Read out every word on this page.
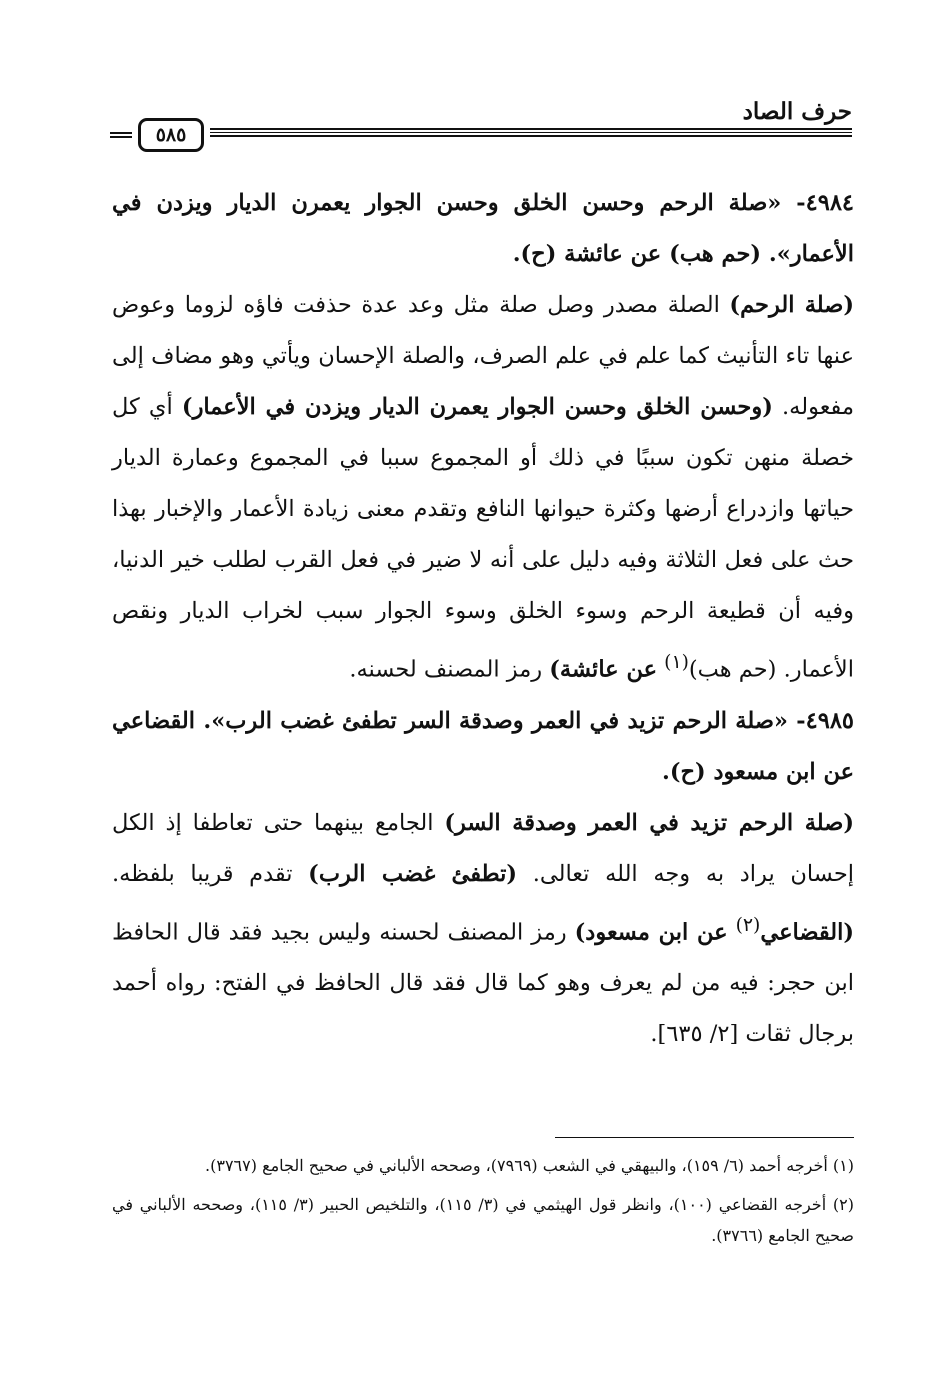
حرف الصاد
٥٨٥

٤٩٨٤- «صلة الرحم وحسن الخلق وحسن الجوار يعمرن الديار ويزدن في الأعمار». (حم هب) عن عائشة (ح).

(صلة الرحم) الصلة مصدر وصل صلة مثل وعد عدة حذفت فاؤه لزوما وعوض عنها تاء التأنيث كما علم في علم الصرف، والصلة الإحسان ويأتي وهو مضاف إلى مفعوله. (وحسن الخلق وحسن الجوار يعمرن الديار ويزدن في الأعمار) أي كل خصلة منهن تكون سببًا في ذلك أو المجموع سببا في المجموع وعمارة الديار حياتها وازدراع أرضها وكثرة حيوانها النافع وتقدم معنى زيادة الأعمار والإخبار بهذا حث على فعل الثلاثة وفيه دليل على أنه لا ضير في فعل القرب لطلب خير الدنيا، وفيه أن قطيعة الرحم وسوء الخلق وسوء الجوار سبب لخراب الديار ونقص الأعمار. (حم هب)$^{(١)}$ عن عائشة) رمز المصنف لحسنه.

٤٩٨٥- «صلة الرحم تزيد في العمر وصدقة السر تطفئ غضب الرب». القضاعي عن ابن مسعود (ح).

(صلة الرحم تزيد في العمر وصدقة السر) الجامع بينهما حتى تعاطفا إذ الكل إحسان يراد به وجه الله تعالى. (تطفئ غضب الرب) تقدم قريبا بلفظه. (القضاعي$^{(٢)}$ عن ابن مسعود) رمز المصنف لحسنه وليس بجيد فقد قال الحافظ ابن حجر: فيه من لم يعرف وهو كما قال فقد قال الحافظ في الفتح: رواه أحمد برجال ثقات [٢/ ٦٣٥].

(١) أخرجه أحمد (٦/ ١٥٩)، والبيهقي في الشعب (٧٩٦٩)، وصححه الألباني في صحيح الجامع (٣٧٦٧).

(٢) أخرجه القضاعي (١٠٠)، وانظر قول الهيثمي في (٣/ ١١٥)، والتلخيص الحبير (٣/ ١١٥)، وصححه الألباني في صحيح الجامع (٣٧٦٦).
